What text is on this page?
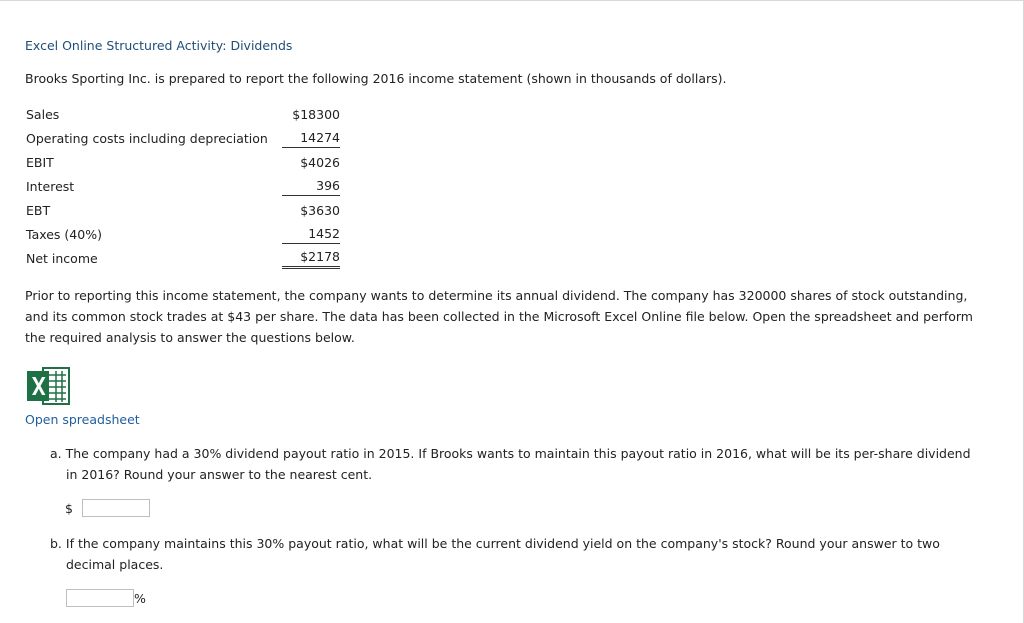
Excel Online Structured Activity: Dividends
Brooks Sporting Inc. is prepared to report the following 2016 income statement (shown in thousands of dollars).
Sales	$18300
Operating costs including depreciation	14274
EBIT	$4026
Interest	396
EBT	$3630
Taxes (40%)	1452
Net income	$2178
Prior to reporting this income statement, the company wants to determine its annual dividend. The company has 320000 shares of stock outstanding, and its common stock trades at $43 per share. The data has been collected in the Microsoft Excel Online file below. Open the spreadsheet and perform the required analysis to answer the questions below.
Open spreadsheet
a. The company had a 30% dividend payout ratio in 2015. If Brooks wants to maintain this payout ratio in 2016, what will be its per-share dividend in 2016? Round your answer to the nearest cent.
$
b. If the company maintains this 30% payout ratio, what will be the current dividend yield on the company's stock? Round your answer to two decimal places.
%
